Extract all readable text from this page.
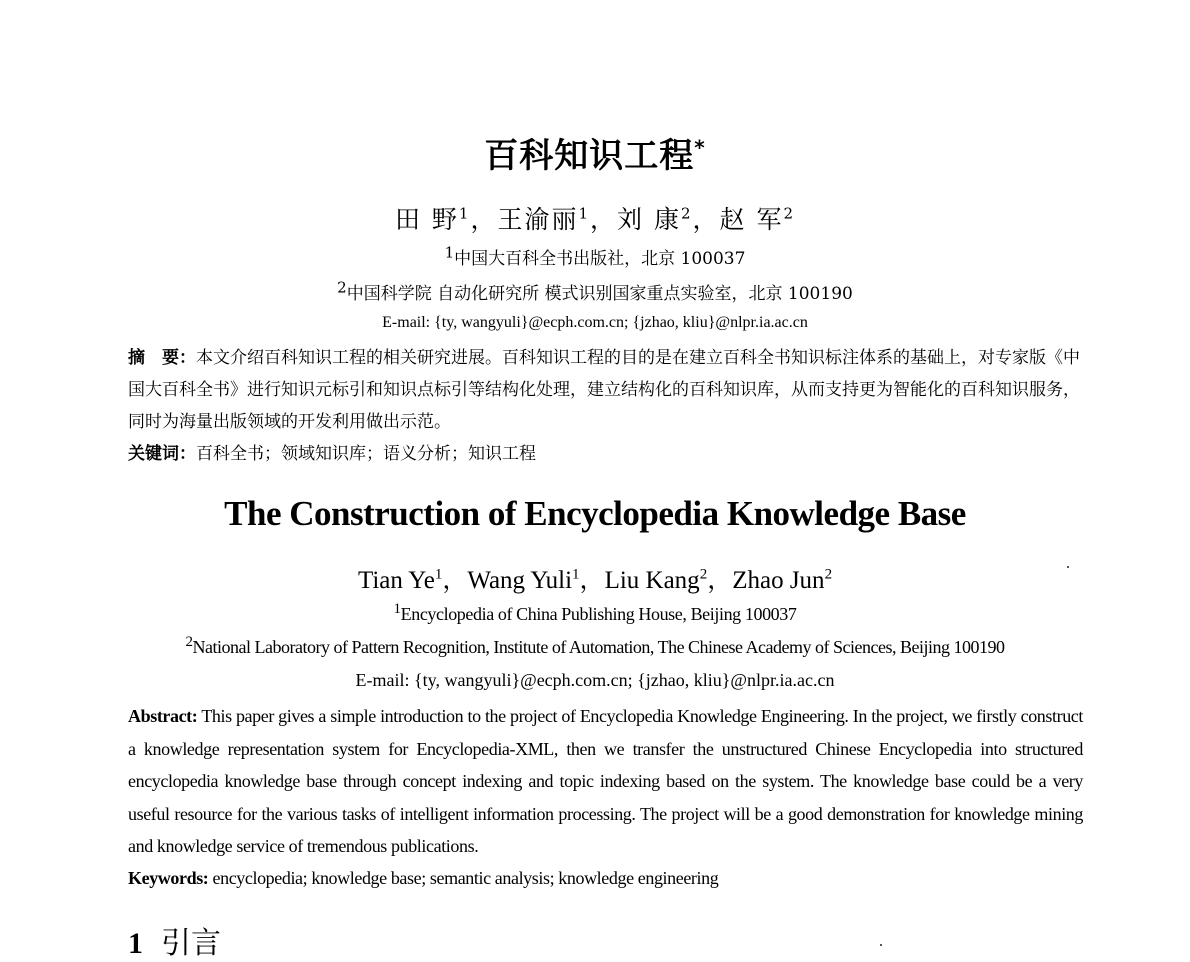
百科知识工程*
田 野$^1$，王渝丽$^1$，刘 康$^2$，赵 军$^2$
$^1$中国大百科全书出版社，北京 100037
$^2$中国科学院 自动化研究所 模式识别国家重点实验室，北京 100190
E-mail: {ty, wangyuli}@ecph.com.cn; {jzhao, kliu}@nlpr.ia.ac.cn
摘　要：本文介绍百科知识工程的相关研究进展。百科知识工程的目的是在建立百科全书知识标注体系的基础上，对专家版《中国大百科全书》进行知识元标引和知识点标引等结构化处理，建立结构化的百科知识库，从而支持更为智能化的百科知识服务，同时为海量出版领域的开发利用做出示范。
关键词：百科全书；领域知识库；语义分析；知识工程
The Construction of Encyclopedia Knowledge Base
Tian Ye$^1$，Wang Yuli$^1$，Liu Kang$^2$，Zhao Jun$^2$
$^1$Encyclopedia of China Publishing House, Beijing 100037
$^2$National Laboratory of Pattern Recognition, Institute of Automation, The Chinese Academy of Sciences, Beijing 100190
E-mail: {ty, wangyuli}@ecph.com.cn; {jzhao, kliu}@nlpr.ia.ac.cn
Abstract: This paper gives a simple introduction to the project of Encyclopedia Knowledge Engineering. In the project, we firstly construct a knowledge representation system for Encyclopedia-XML, then we transfer the unstructured Chinese Encyclopedia into structured encyclopedia knowledge base through concept indexing and topic indexing based on the system. The knowledge base could be a very useful resource for the various tasks of intelligent information processing. The project will be a good demonstration for knowledge mining and knowledge service of tremendous publications.
Keywords: encyclopedia; knowledge base; semantic analysis; knowledge engineering
1 引言
